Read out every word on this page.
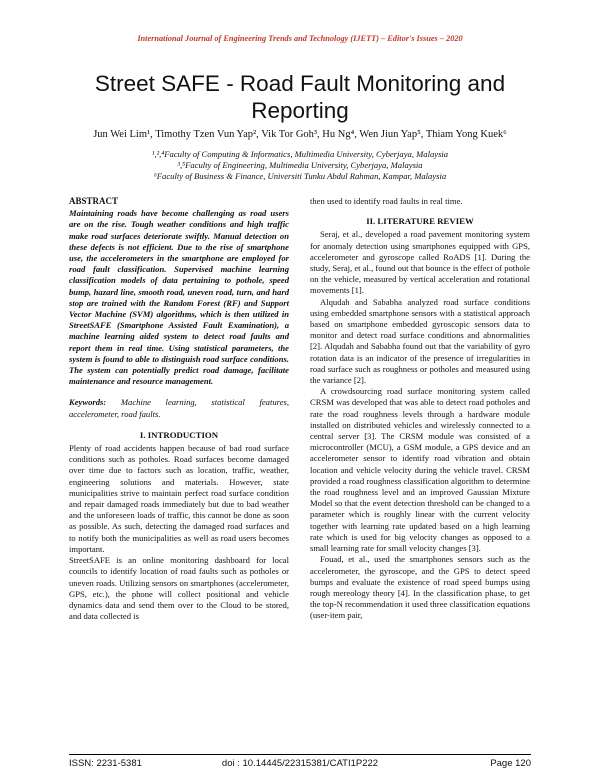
International Journal of Engineering Trends and Technology (IJETT) – Editor's Issues – 2020
Street SAFE - Road Fault Monitoring and Reporting
Jun Wei Lim¹, Timothy Tzen Vun Yap², Vik Tor Goh³, Hu Ng⁴, Wen Jiun Yap⁵, Thiam Yong Kuek⁶
¹,²,⁴Faculty of Computing & Informatics, Multimedia University, Cyberjaya, Malaysia
³,⁵Faculty of Engineering, Multimedia University, Cyberjaya, Malaysia
⁶Faculty of Business & Finance, Universiti Tunku Abdul Rahman, Kampar, Malaysia
ABSTRACT

Maintaining roads have become challenging as road users are on the rise. Tough weather conditions and high traffic make road surfaces deteriorate swiftly. Manual detection on these defects is not efficient. Due to the rise of smartphone use, the accelerometers in the smartphone are employed for road fault classification. Supervised machine learning classification models of data pertaining to pothole, speed bump, hazard line, smooth road, uneven road, turn, and hard stop are trained with the Random Forest (RF) and Support Vector Machine (SVM) algorithms, which is then utilized in StreetSAFE (Smartphone Assisted Fault Examination), a machine learning aided system to detect road faults and report them in real time. Using statistical parameters, the system is found to able to distinguish road surface conditions. The system can potentially predict road damage, facilitate maintenance and resource management.

Keywords: Machine learning, statistical features, accelerometer, road faults.
I. INTRODUCTION

Plenty of road accidents happen because of bad road surface conditions such as potholes. Road surfaces become damaged over time due to factors such as location, traffic, weather, engineering solutions and materials. However, state municipalities strive to maintain perfect road surface condition and repair damaged roads immediately but due to bad weather and the unforeseen loads of traffic, this cannot be done as soon as possible. As such, detecting the damaged road surfaces and to notify both the municipalities as well as road users becomes important.

StreetSAFE is an online monitoring dashboard for local councils to identify location of road faults such as potholes or uneven roads. Utilizing sensors on smartphones (accelerometer, GPS, etc.), the phone will collect positional and vehicle dynamics data and send them over to the Cloud to be stored, and data collected is

then used to identify road faults in real time.

II. LITERATURE REVIEW

Seraj, et al., developed a road pavement monitoring system for anomaly detection using smartphones equipped with GPS, accelerometer and gyroscope called RoADS [1]. During the study, Seraj, et al., found out that bounce is the effect of pothole on the vehicle, measured by vertical acceleration and rotational movements [1].

Alqudah and Sababha analyzed road surface conditions using embedded smartphone sensors with a statistical approach based on smartphone embedded gyroscopic sensors data to monitor and detect road surface conditions and abnormalities [2]. Alqudah and Sababha found out that the variability of gyro rotation data is an indicator of the presence of irregularities in road surface such as roughness or potholes and measured using the variance [2].

A crowdsourcing road surface monitoring system called CRSM was developed that was able to detect road potholes and rate the road roughness levels through a hardware module installed on distributed vehicles and wirelessly connected to a central server [3]. The CRSM module was consisted of a microcontroller (MCU), a GSM module, a GPS device and an accelerometer sensor to identify road vibration and obtain location and vehicle velocity during the vehicle travel. CRSM provided a road roughness classification algorithm to determine the road roughness level and an improved Gaussian Mixture Model so that the event detection threshold can be changed to a parameter which is roughly linear with the current velocity together with learning rate updated based on a high learning rate which is used for big velocity changes as opposed to a small learning rate for small velocity changes [3].

Fouad, et al., used the smartphones sensors such as the accelerometer, the gyroscope, and the GPS to detect speed bumps and evaluate the existence of road speed bumps using rough mereology theory [4]. In the classification phase, to get the top-N recommendation it used three classification equations (user-item pair,

ISSN: 2231-5381	doi : 10.14445/22315381/CATI1P222	Page 120
